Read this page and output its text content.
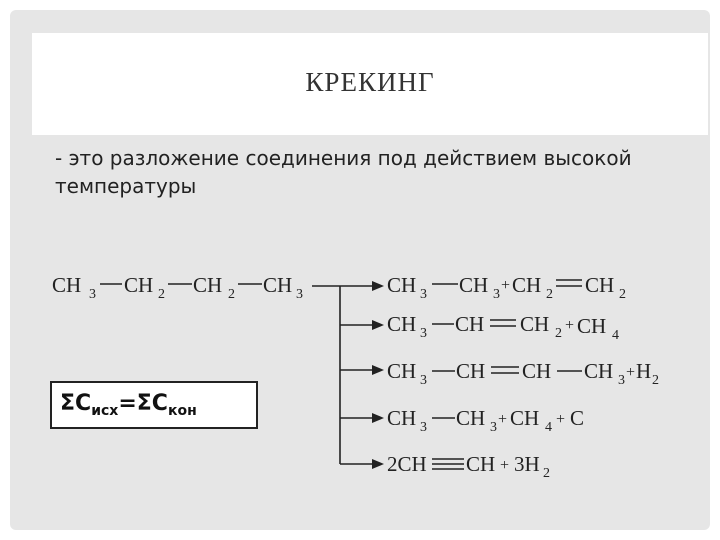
КРЕКИНГ
- это разложение соединения под действием высокой температуры
CH 3 CH 2 CH 2 CH 3	CH 3 CH 3
+ CH 2 CH 2
CH 3 CH CH 2 + CH 4
CH 3 CH CH CH 3 + H 2
CH 3 CH 3 + CH 4 + C
2CH CH + 3H 2
$\Sigma C_{исх}=\Sigma C_{кон}$
